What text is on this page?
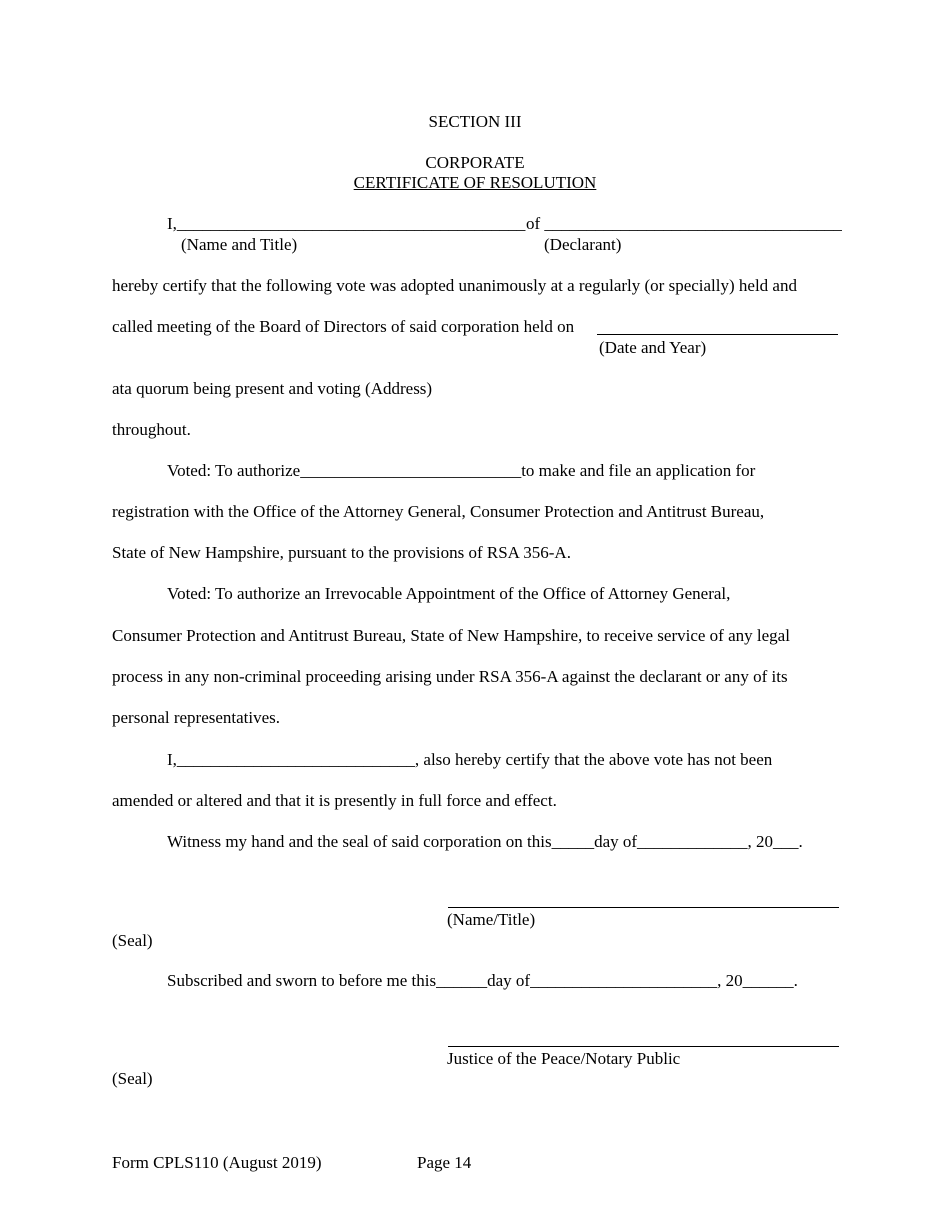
SECTION III
CORPORATE
CERTIFICATE OF RESOLUTION
I,_________________________________________ of ___________________________________
(Name and Title)	(Declarant)
hereby certify that the following vote was adopted unanimously at a regularly (or specially) held and
called meeting of the Board of Directors of said corporation held on
(Date and Year)
ata quorum being present and voting (Address)
throughout.
Voted: To authorize__________________________to make and file an application for
registration with the Office of the Attorney General, Consumer Protection and Antitrust Bureau,
State of New Hampshire, pursuant to the provisions of RSA 356-A.
Voted: To authorize an Irrevocable Appointment of the Office of Attorney General,
Consumer Protection and Antitrust Bureau, State of New Hampshire, to receive service of any legal
process in any non-criminal proceeding arising under RSA 356-A against the declarant or any of its
personal representatives.
I,____________________________, also hereby certify that the above vote has not been
amended or altered and that it is presently in full force and effect.
Witness my hand and the seal of said corporation on this_____day of_____________, 20___.
(Name/Title)
(Seal)
Subscribed and sworn to before me this______day of______________________, 20______.
Justice of the Peace/Notary Public
(Seal)
Form CPLS110 (August 2019)	Page 14
